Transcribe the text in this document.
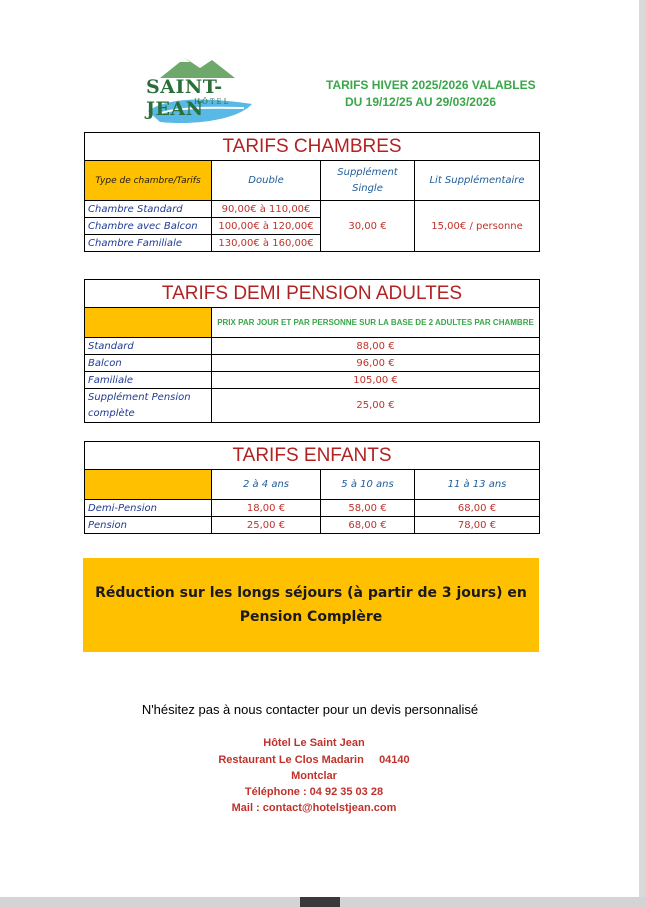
SAINT-JEAN
HÔTEL
TARIFS HIVER 2025/2026 VALABLES
DU 19/12/25 AU 29/03/2026
TARIFS CHAMBRES			
Type de chambre/Tarifs	Double	Supplément Single	Lit Supplémentaire
Chambre Standard	90,00€ à 110,00€	30,00 €	15,00€ / personne
Chambre avec Balcon	100,00€ à 120,00€		
Chambre Familiale	130,00€ à 160,00€		
TARIFS DEMI PENSION ADULTES	
	PRIX PAR JOUR ET PAR PERSONNE SUR LA BASE DE 2 ADULTES PAR CHAMBRE
Standard	88,00 €
Balcon	96,00 €
Familiale	105,00 €
Supplément Pension complète	25,00 €
TARIFS ENFANTS			
	2 à 4 ans	5 à 10 ans	11 à 13 ans
Demi-Pension	18,00 €	58,00 €	68,00 €
Pension	25,00 €	68,00 €	78,00 €
Réduction sur les longs séjours (à partir de 3 jours) en
Pension Complère
N'hésitez pas à nous contacter pour un devis personnalisé
Hôtel Le Saint Jean
Restaurant Le Clos Madarin     04140
Montclar
Téléphone : 04 92 35 03 28
Mail : contact@hotelstjean.com
